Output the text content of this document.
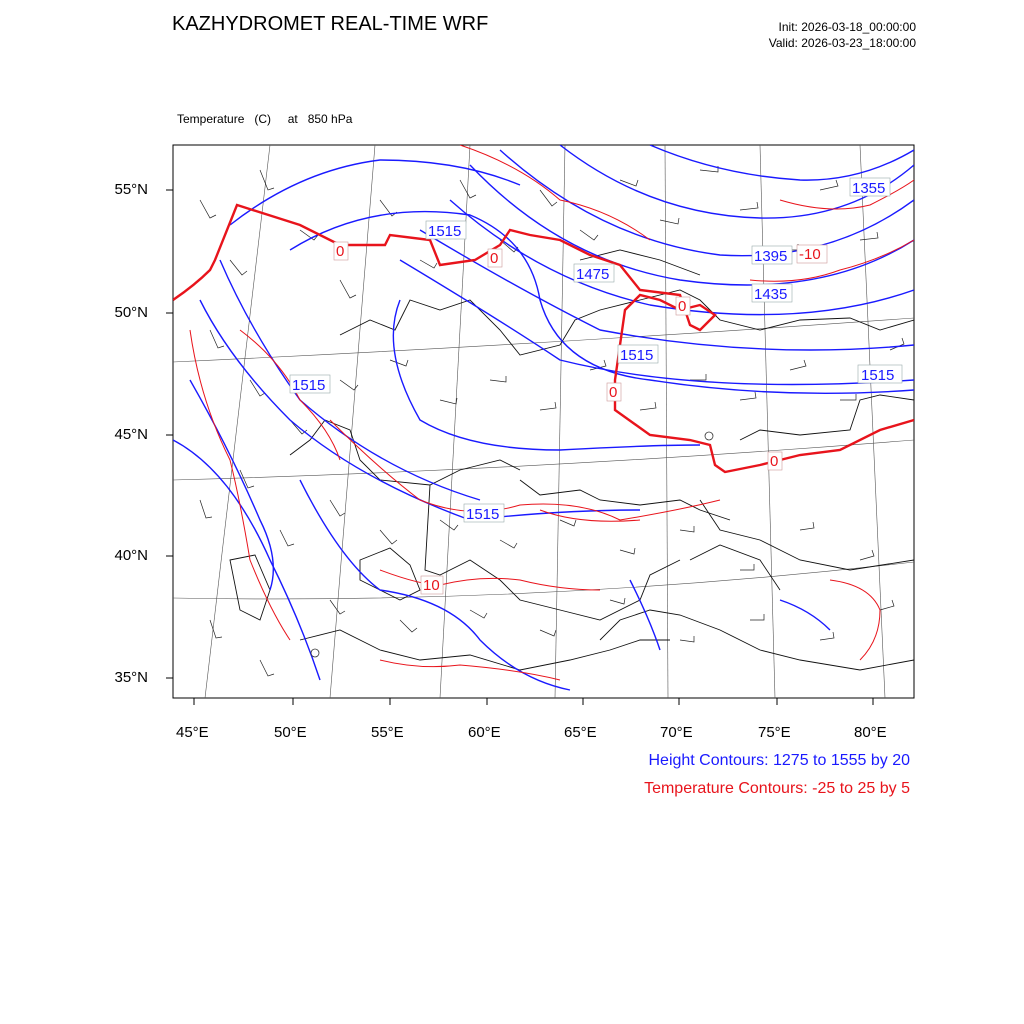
KAZHYDROMET REAL-TIME WRF	Init: 2026-03-18_00:00:00
Valid: 2026-03-23_18:00:00

Temperature   (C)     at   850 hPa

1355
1395
1435
1475
1515
1515
1515
1515
1515
0	0
0
0
0
-10
10
55°N
50°N
45°N
40°N
35°N
45°E	50°E	55°E	60°E	65°E	70°E	75°E	80°E
Height Contours: 1275 to 1555 by 20
Temperature Contours: -25 to 25 by 5
